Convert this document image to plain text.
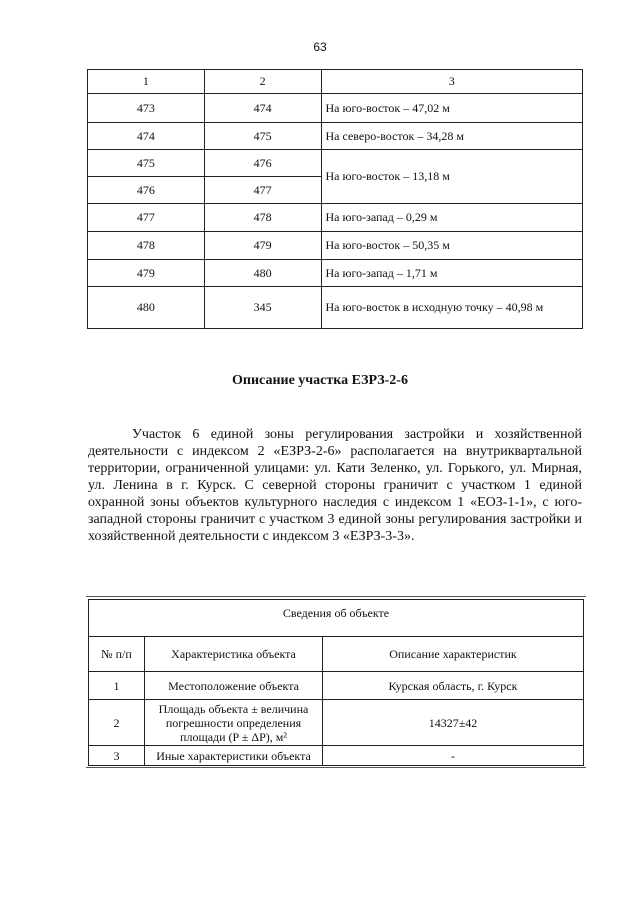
63
1	2	3
473	474	На юго-восток – 47,02 м
474	475	На северо-восток – 34,28 м
475	476	На юго-восток – 13,18 м
476	477	
477	478	На юго-запад – 0,29 м
478	479	На юго-восток – 50,35 м
479	480	На юго-запад – 1,71 м
480	345	На юго-восток в исходную точку – 40,98 м
Описание участка ЕЗРЗ-2-6

Участок 6 единой зоны регулирования застройки и хозяйственной деятельности с индексом 2 «ЕЗРЗ-2-6» располагается на внутриквартальной территории, ограниченной улицами: ул. Кати Зеленко, ул. Горького, ул. Мирная, ул. Ленина в г. Курск. С северной стороны граничит с участком 1 единой охранной зоны объектов культурного наследия с индексом 1 «ЕОЗ-1-1», с юго-западной стороны граничит с участком 3 единой зоны регулирования застройки и хозяйственной деятельности с индексом 3 «ЕЗРЗ-3-3».

Сведения об объекте		
№ п/п	Характеристика объекта	Описание характеристик
1	Местоположение объекта	Курская область, г. Курск
2	Площадь объекта ± величина погрешности определения площади (P ± ΔP), м²	14327±42
3	Иные характеристики объекта	-
